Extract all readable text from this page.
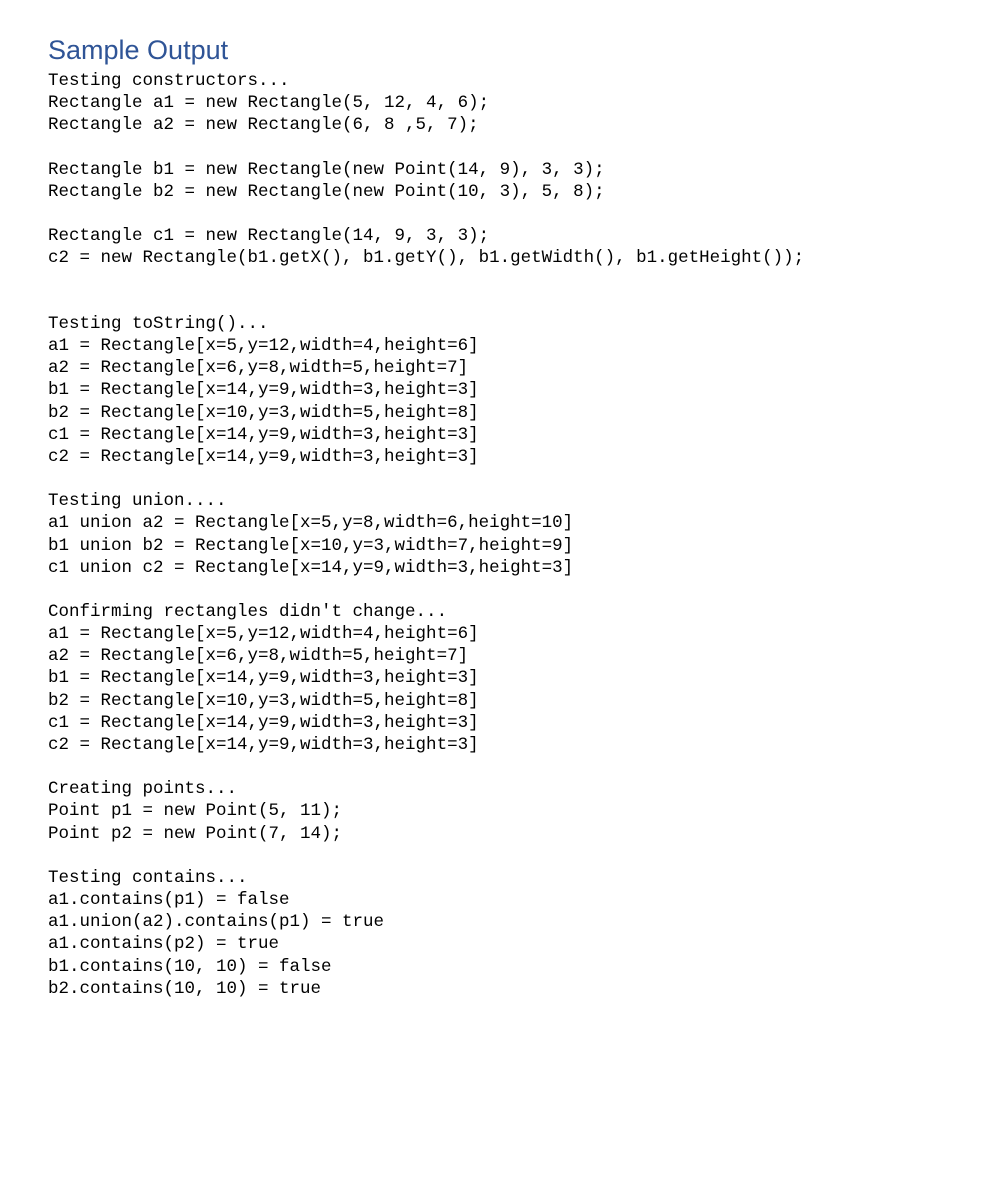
Sample Output
Testing constructors...
Rectangle a1 = new Rectangle(5, 12, 4, 6);
Rectangle a2 = new Rectangle(6, 8 ,5, 7);
Rectangle b1 = new Rectangle(new Point(14, 9), 3, 3);
Rectangle b2 = new Rectangle(new Point(10, 3), 5, 8);
Rectangle c1 = new Rectangle(14, 9, 3, 3);
c2 = new Rectangle(b1.getX(), b1.getY(), b1.getWidth(), b1.getHeight());
Testing toString()...
a1 = Rectangle[x=5,y=12,width=4,height=6]
a2 = Rectangle[x=6,y=8,width=5,height=7]
b1 = Rectangle[x=14,y=9,width=3,height=3]
b2 = Rectangle[x=10,y=3,width=5,height=8]
c1 = Rectangle[x=14,y=9,width=3,height=3]
c2 = Rectangle[x=14,y=9,width=3,height=3]
Testing union....
a1 union a2 = Rectangle[x=5,y=8,width=6,height=10]
b1 union b2 = Rectangle[x=10,y=3,width=7,height=9]
c1 union c2 = Rectangle[x=14,y=9,width=3,height=3]
Confirming rectangles didn't change...
a1 = Rectangle[x=5,y=12,width=4,height=6]
a2 = Rectangle[x=6,y=8,width=5,height=7]
b1 = Rectangle[x=14,y=9,width=3,height=3]
b2 = Rectangle[x=10,y=3,width=5,height=8]
c1 = Rectangle[x=14,y=9,width=3,height=3]
c2 = Rectangle[x=14,y=9,width=3,height=3]
Creating points...
Point p1 = new Point(5, 11);
Point p2 = new Point(7, 14);
Testing contains...
a1.contains(p1) = false
a1.union(a2).contains(p1) = true
a1.contains(p2) = true
b1.contains(10, 10) = false
b2.contains(10, 10) = true
